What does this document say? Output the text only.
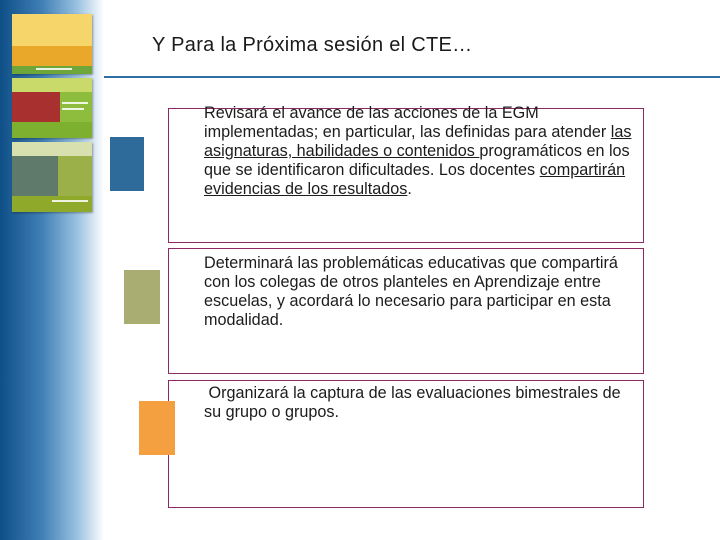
Y Para la Próxima sesión el CTE…

Revisará el avance de las acciones de la EGM implementadas; en particular, las definidas para atender las asignaturas, habilidades o contenidos programáticos en los que se identificaron dificultades. Los docentes compartirán evidencias de los resultados.

Determinará las problemáticas educativas que compartirá con los colegas de otros planteles en Aprendizaje entre escuelas, y acordará lo necesario para participar en esta modalidad.

Organizará la captura de las evaluaciones bimestrales de su grupo o grupos.
